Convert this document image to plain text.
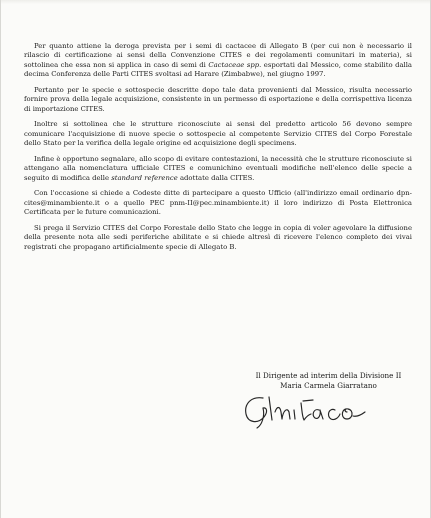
Per quanto attiene la deroga prevista per i semi di cactacee di Allegato B (per cui non è necessario il rilascio di certificazione ai sensi della Convenzione CITES e dei regolamenti comunitari in materia), si sottolinea che essa non si applica in caso di semi di Cactaceae spp. esportati dal Messico, come stabilito dalla decima Conferenza delle Parti CITES svoltasi ad Harare (Zimbabwe), nel giugno 1997.

Pertanto per le specie e sottospecie descritte dopo tale data provenienti dal Messico, risulta necessario fornire prova della legale acquisizione, consistente in un permesso di esportazione e della corrispettiva licenza di importazione CITES.

Inoltre si sottolinea che le strutture riconosciute ai sensi del predetto articolo 56 devono sempre comunicare l'acquisizione di nuove specie o sottospecie al competente Servizio CITES del Corpo Forestale dello Stato per la verifica della legale origine ed acquisizione degli specimens.

Infine è opportuno segnalare, allo scopo di evitare contestazioni, la necessità che le strutture riconosciute si attengano alla nomenclatura ufficiale CITES e comunichino eventuali modifiche nell'elenco delle specie a seguito di modifica delle standard reference adottate dalla CITES.

Con l'occasione si chiede a Codeste ditte di partecipare a questo Ufficio (all'indirizzo email ordinario dpn-cites@minambiente.it o a quello PEC pnm-II@pec.minambiente.it) il loro indirizzo di Posta Elettronica Certificata per le future comunicazioni.

Si prega il Servizio CITES del Corpo Forestale dello Stato che legge in copia di voler agevolare la diffusione della presente nota alle sedi periferiche abilitate e si chiede altresì di ricevere l'elenco completo dei vivai registrati che propagano artificialmente specie di Allegato B.

Il Dirigente ad interim della Divisione II
Maria Carmela Giarratano
